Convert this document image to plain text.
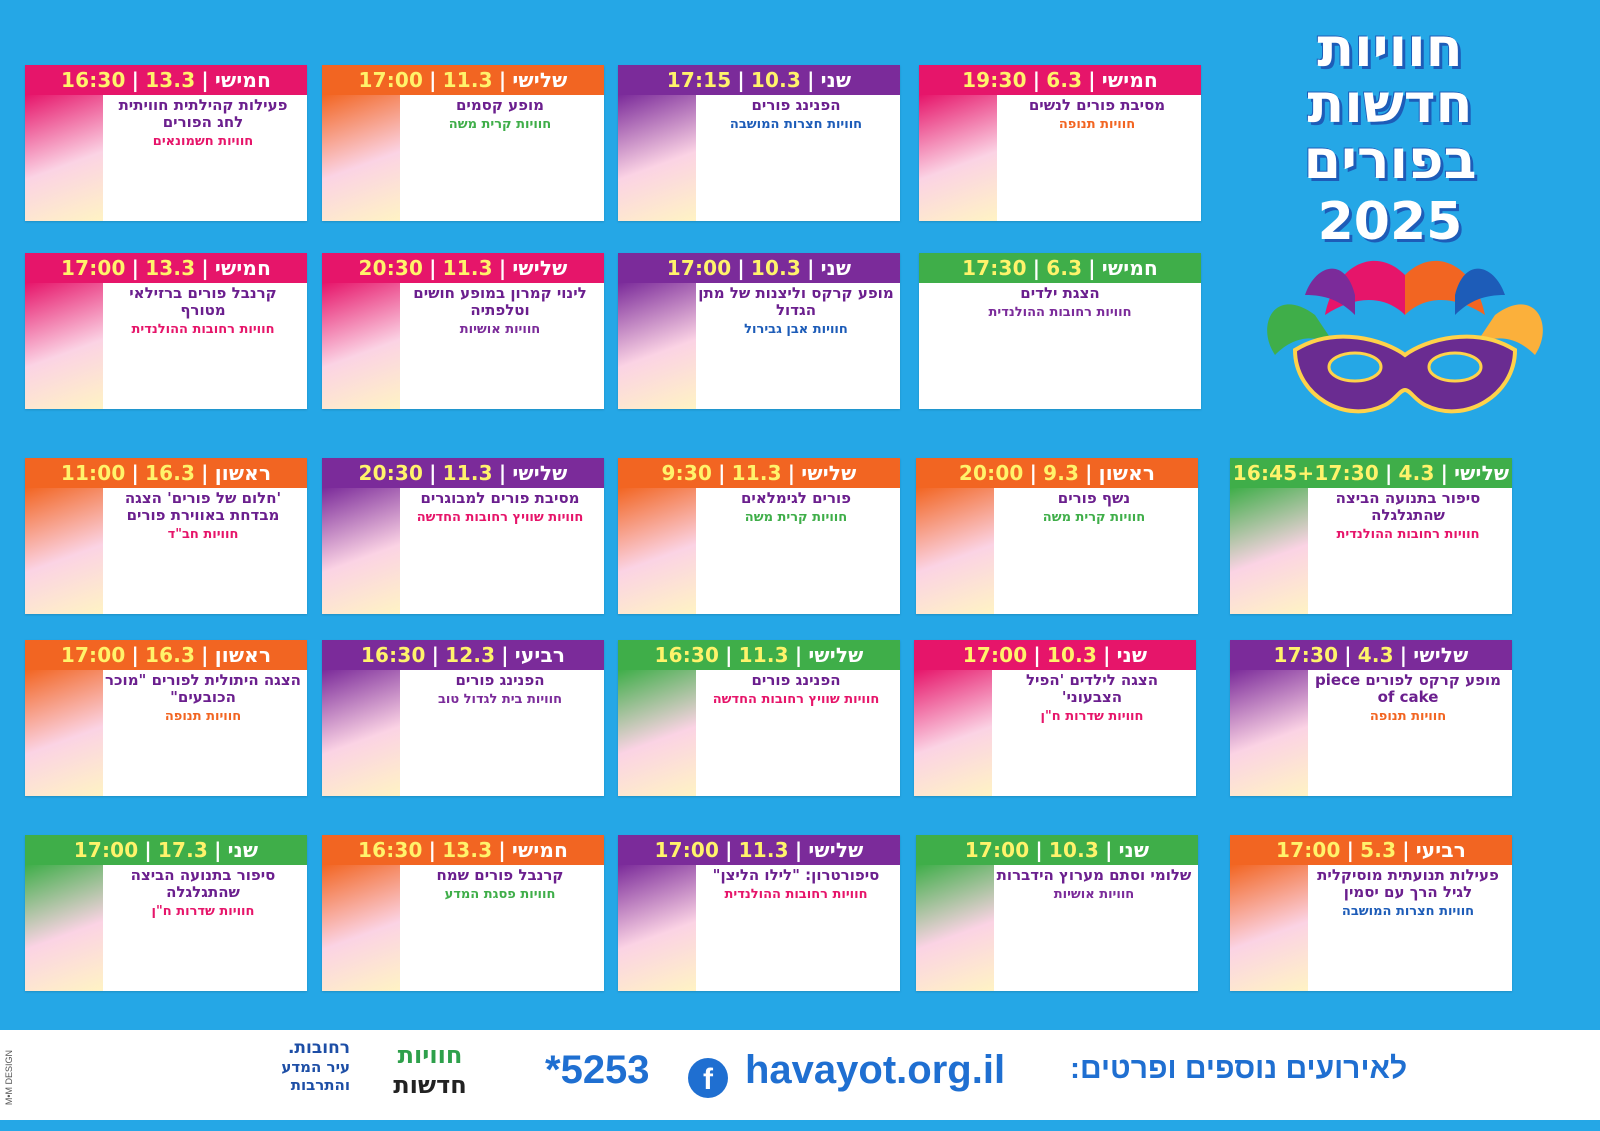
חוויות
חדשות
בפורים
2025
חמישי
|
13.3
|
16:30
פעילות קהילתית חוויתית לחג הפורים
חוויות חשמונאים
שלישי
|
11.3
|
17:00
מופע קסמים
חוויות קרית משה
שני
|
10.3
|
17:15
הפנינג פורים
חוויות חצרות המושבה
חמישי
|
6.3
|
19:30
מסיבת פורים לנשים
חוויות תנופה
חמישי
|
13.3
|
17:00
קרנבל פורים ברזילאי מטורף
חוויות רחובות ההולנדית
שלישי
|
11.3
|
20:30
לינוי קמרון במופע חושים וטלפתיה
חוויות אושיות
שני
|
10.3
|
17:00
מופע קרקס וליצנות של מתן הגדול
חוויות אבן גבירול
חמישי
|
6.3
|
17:30
הצגת ילדים
חוויות רחובות ההולנדית
ראשון
|
16.3
|
11:00
'חלום של פורים' הצגה מבדחת באווירת פורים
חוויות חב"ד
שלישי
|
11.3
|
20:30
מסיבת פורים למבוגרים
חוויות שוויץ רחובות החדשה
שלישי
|
11.3
|
9:30
פורים לגימלאים
חוויות קרית משה
ראשון
|
9.3
|
20:00
נשף פורים
חוויות קרית משה
שלישי
|
4.3
|
16:45+17:30
סיפור בתנועה הביצה שהתגלגלה
חוויות רחובות ההולנדית
ראשון
|
16.3
|
17:00
הצגה היתולית לפורים "מוכר הכובעים"
חוויות תנופה
רביעי
|
12.3
|
16:30
הפנינג פורים
חוויות בית לגדול טוב
שלישי
|
11.3
|
16:30
הפנינג פורים
חוויות שוויץ רחובות החדשה
שני
|
10.3
|
17:00
הצגה לילדים 'הפיל הצבעוני'
חוויות שדרות ח"ן
שלישי
|
4.3
|
17:30
מופע קרקס לפורים piece of cake
חוויות תנופה
שני
|
17.3
|
17:00
סיפור בתנועה הביצה שהתגלגלה
חוויות שדרות ח"ן
חמישי
|
13.3
|
16:30
קרנבל פורים שמח
חוויות פסגת המדע
שלישי
|
11.3
|
17:00
סיפורטרון: "לילו הליצן"
חוויות רחובות ההולנדית
שני
|
10.3
|
17:00
שלומי וסתם מערוץ הידברות
חוויות אושיות
רביעי
|
5.3
|
17:00
פעילות תנועתית מוסיקלית לגיל הרך עם יסמין
חוויות חצרות המושבה
M•M DESIGN
רחובות.
עיר המדע
והתרבות
חוויות
חדשות	*5253	f havayot.org.il לאירועים נוספים ופרטים:
